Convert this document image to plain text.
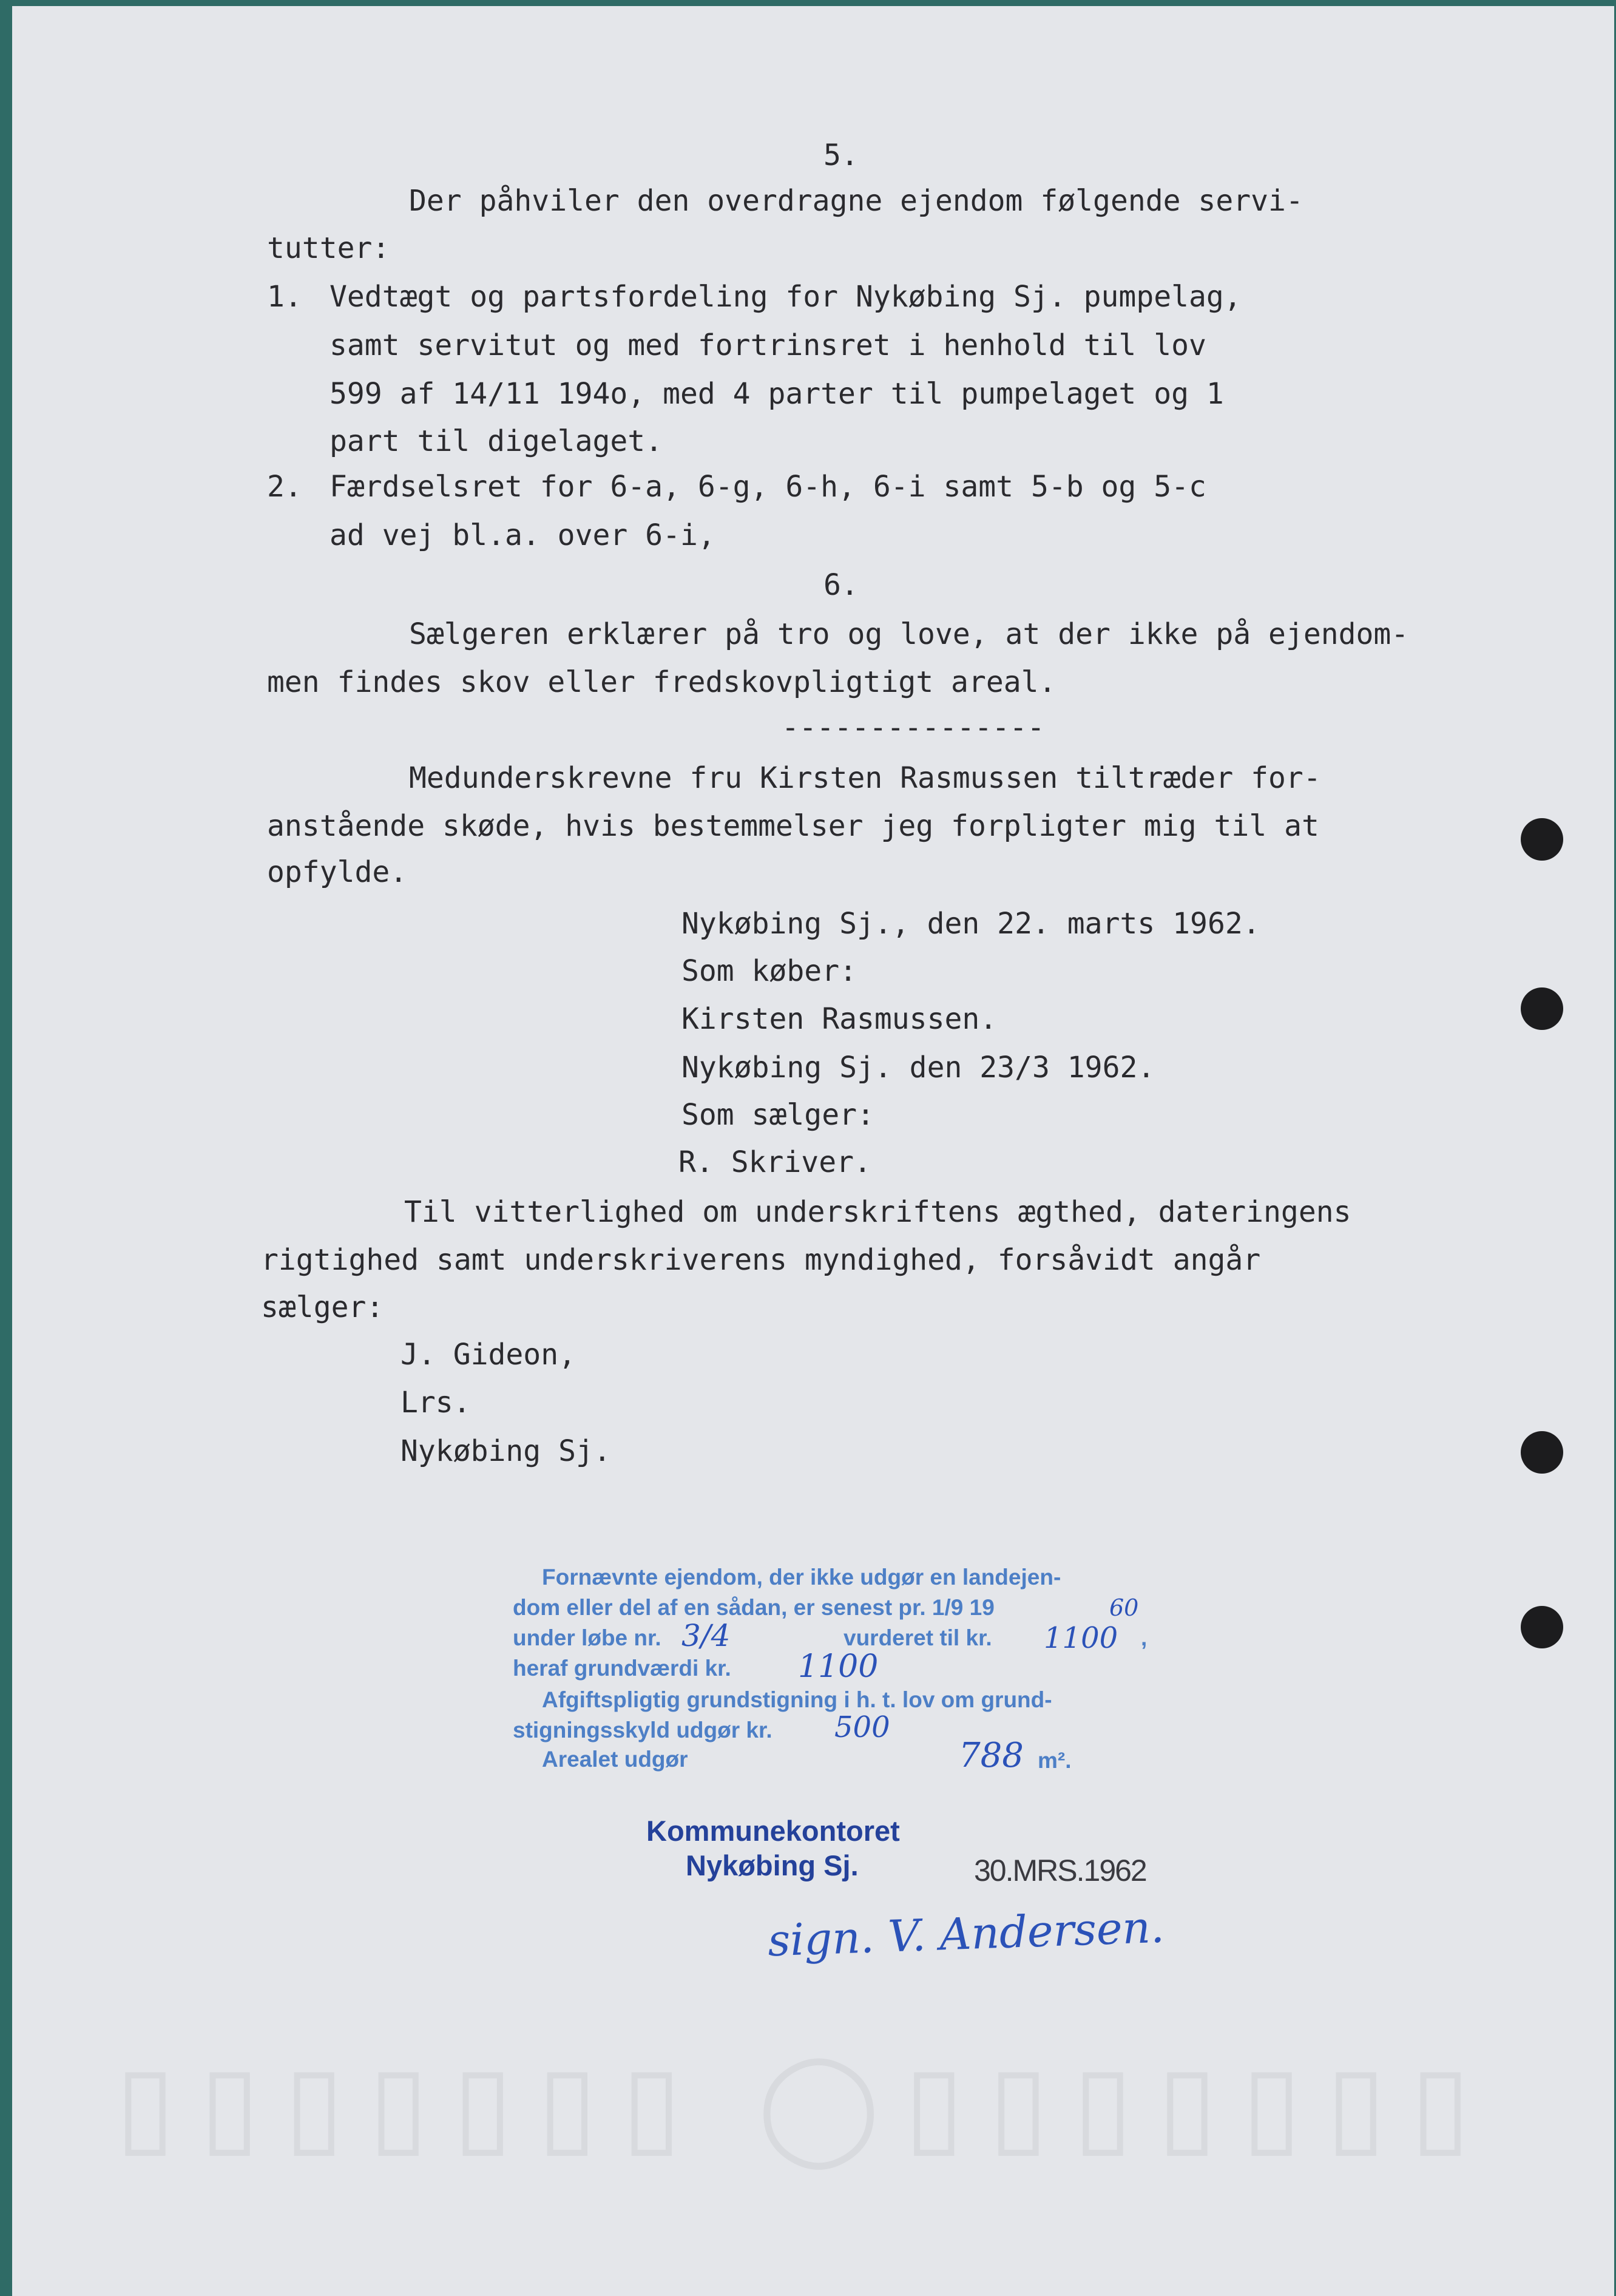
▯▯▯▯▯▯▯ ◯▯▯▯▯▯▯▯
5.
Der påhviler den overdragne ejendom følgende servi-
tutter:
1. Vedtægt og partsfordeling for Nykøbing Sj. pumpelag,
samt servitut og med fortrinsret i henhold til lov
599 af 14/11 194o, med 4 parter til pumpelaget og 1
part til digelaget.
2. Færdselsret for 6-a, 6-g, 6-h, 6-i samt 5-b og 5-c
ad vej bl.a. over 6-i,
6.
Sælgeren erklærer på tro og love, at der ikke på ejendom-
men findes skov eller fredskovpligtigt areal.
---------------
Medunderskrevne fru Kirsten Rasmussen tiltræder for-
anstående skøde, hvis bestemmelser jeg forpligter mig til at
opfylde.
Nykøbing Sj., den 22. marts 1962.
Som køber:
Kirsten Rasmussen.
Nykøbing Sj. den 23/3 1962.
Som sælger:
R. Skriver.
Til vitterlighed om underskriftens ægthed, dateringens
rigtighed samt underskriverens myndighed, forsåvidt angår
sælger:
J. Gideon,
Lrs.
Nykøbing Sj.
Fornævnte ejendom, der ikke udgør en landejen-
dom eller del af en sådan, er senest pr. 1/9 19	60
under løbe nr. 3/4	vurderet til kr. 1100 ,
heraf grundværdi kr. 1100
Afgiftspligtig grundstigning i h. t. lov om grund-
stigningsskyld udgør kr. 500
Arealet udgør	788 m².
Kommunekontoret
Nykøbing Sj.	30.MRS.1962
sign. V. Andersen.
